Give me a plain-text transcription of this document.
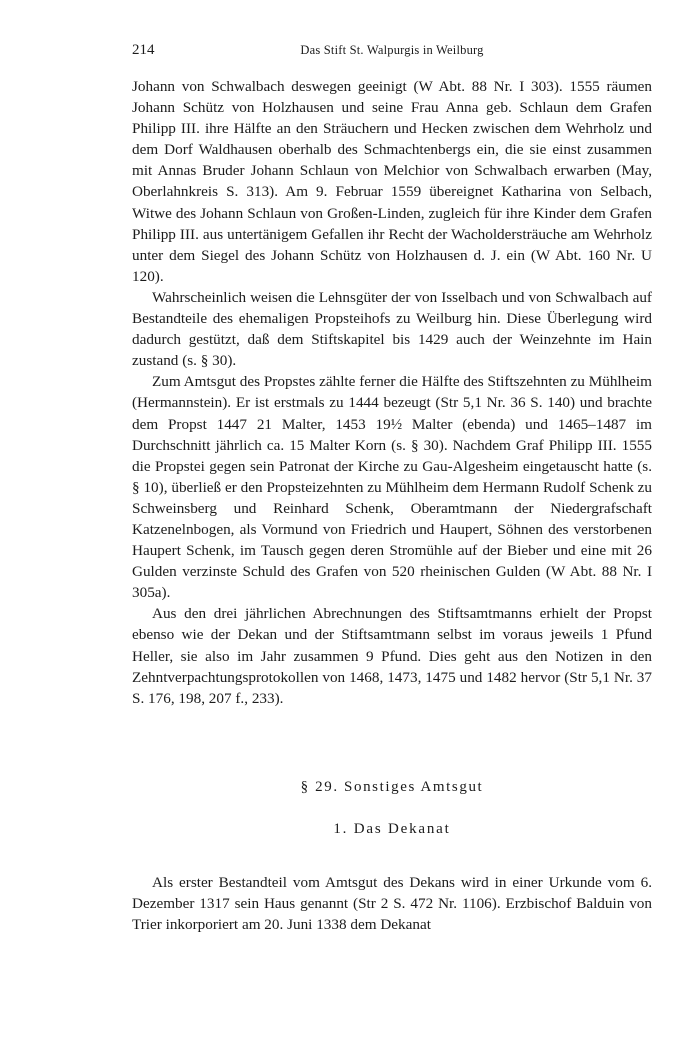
214	Das Stift St. Walpurgis in Weilburg

Johann von Schwalbach deswegen geeinigt (W Abt. 88 Nr. I 303). 1555 räumen Johann Schütz von Holzhausen und seine Frau Anna geb. Schlaun dem Grafen Philipp III. ihre Hälfte an den Sträuchern und Hecken zwischen dem Wehrholz und dem Dorf Waldhausen oberhalb des Schmachtenbergs ein, die sie einst zusammen mit Annas Bruder Johann Schlaun von Melchior von Schwalbach erwarben (May, Oberlahnkreis S. 313). Am 9. Februar 1559 übereignet Katharina von Selbach, Witwe des Johann Schlaun von Großen-Linden, zugleich für ihre Kinder dem Grafen Philipp III. aus untertänigem Gefallen ihr Recht der Wacholdersträuche am Wehrholz unter dem Siegel des Johann Schütz von Holzhausen d. J. ein (W Abt. 160 Nr. U 120).

Wahrscheinlich weisen die Lehnsgüter der von Isselbach und von Schwalbach auf Bestandteile des ehemaligen Propsteihofs zu Weilburg hin. Diese Überlegung wird dadurch gestützt, daß dem Stiftskapitel bis 1429 auch der Weinzehnte im Hain zustand (s. § 30).

Zum Amtsgut des Propstes zählte ferner die Hälfte des Stiftszehnten zu Mühlheim (Hermannstein). Er ist erstmals zu 1444 bezeugt (Str 5,1 Nr. 36 S. 140) und brachte dem Propst 1447 21 Malter, 1453 19½ Malter (ebenda) und 1465–1487 im Durchschnitt jährlich ca. 15 Malter Korn (s. § 30). Nachdem Graf Philipp III. 1555 die Propstei gegen sein Patronat der Kirche zu Gau-Algesheim eingetauscht hatte (s. § 10), überließ er den Propsteizehnten zu Mühlheim dem Hermann Rudolf Schenk zu Schweinsberg und Reinhard Schenk, Oberamtmann der Niedergrafschaft Katzenelnbogen, als Vormund von Friedrich und Haupert, Söhnen des verstorbenen Haupert Schenk, im Tausch gegen deren Stromühle auf der Bieber und eine mit 26 Gulden verzinste Schuld des Grafen von 520 rheinischen Gulden (W Abt. 88 Nr. I 305a).

Aus den drei jährlichen Abrechnungen des Stiftsamtmanns erhielt der Propst ebenso wie der Dekan und der Stiftsamtmann selbst im voraus jeweils 1 Pfund Heller, sie also im Jahr zusammen 9 Pfund. Dies geht aus den Notizen in den Zehntverpachtungsprotokollen von 1468, 1473, 1475 und 1482 hervor (Str 5,1 Nr. 37 S. 176, 198, 207 f., 233).

§ 29. Sonstiges Amtsgut
1. Das Dekanat

Als erster Bestandteil vom Amtsgut des Dekans wird in einer Urkunde vom 6. Dezember 1317 sein Haus genannt (Str 2 S. 472 Nr. 1106). Erzbischof Balduin von Trier inkorporiert am 20. Juni 1338 dem Dekanat
